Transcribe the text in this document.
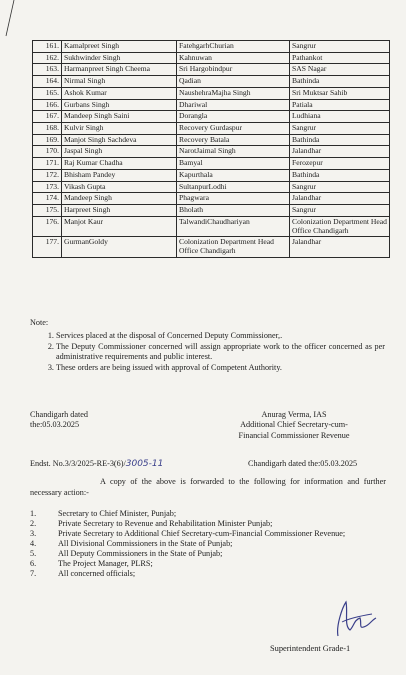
161.	Kamalpreet Singh	FatehgarhChurian	Sangrur
162.	Sukhwinder Singh	Kahnuwan	Pathankot
163.	Harmanpreet Singh Cheema	Sri Hargobindpur	SAS Nagar
164.	Nirmal Singh	Qadian	Bathinda
165.	Ashok Kumar	NaushehraMajha Singh	Sri Muktsar Sahib
166.	Gurbans Singh	Dhariwal	Patiala
167.	Mandeep Singh Saini	Dorangla	Ludhiana
168.	Kulvir Singh	Recovery Gurdaspur	Sangrur
169.	Manjot Singh Sachdeva	Recovery Batala	Bathinda
170.	Jaspal Singh	NarotJaimal Singh	Jalandhar
171.	Raj Kumar Chadha	Bamyal	Ferozepur
172.	Bhisham Pandey	Kapurthala	Bathinda
173.	Vikash Gupta	SultanpurLodhi	Sangrur
174.	Mandeep Singh	Phagwara	Jalandhar
175.	Harpreet Singh	Bholath	Sangrur
176.	Manjot Kaur	TalwandiChaudhariyan	Colonization Department Head Office Chandigarh
177.	GurmanGoldy	Colonization Department Head Office Chandigarh	Jalandhar

Note:

1. Services placed at the disposal of Concerned Deputy Commissioner,.
2. The Deputy Commissioner concerned will assign appropriate work to the officer concerned as per administrative requirements and public interest.
3. These orders are being issued with approval of Competent Authority.
Chandigarh dated
the:05.03.2025
Anurag Verma, IAS
Additional Chief Secretary-cum-
Financial Commissioner Revenue
Endst. No.3/3/2025-RE-3(6)/3005-11	Chandigarh dated the:05.03.2025
A copy of the above is forwarded to the following for information and further necessary action:-
1.	Secretary to Chief Minister, Punjab;
2.	Private Secretary to Revenue and Rehabilitation Minister Punjab;
3.	Private Secretary to Additional Chief Secretary-cum-Financial Commissioner Revenue;
4.	All Divisional Commissioners in the State of Punjab;
5.	All Deputy Commissioners in the State of Punjab;
6.	The Project Manager, PLRS;
7.	All concerned officials;
Superintendent Grade-1
